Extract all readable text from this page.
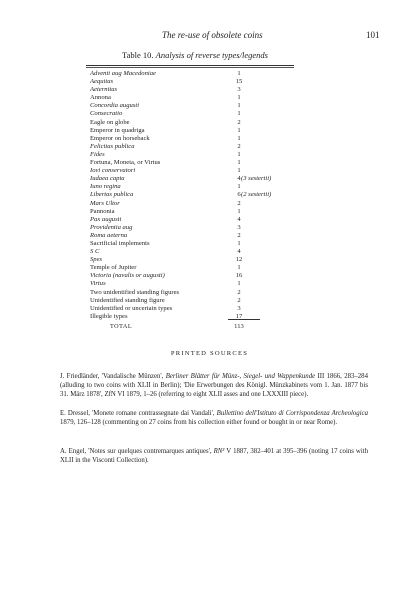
The re-use of obsolete coins	101
Table 10. Analysis of reverse types/legends
Adventi aug Macedoniae	1
Aequitas	15
Aeternitas	3
Annona	1
Concordia augusti	1
Consecratio	1
Eagle on globe	2
Emperor in quadriga	1
Emperor on horseback	1
Felicitas publica	2
Fides	1
Fortuna, Moneta, or Virtus	1
Iovi conservatori	1
Iudaea capta	4 (3 sestertii)
Iuno regina	1
Libertas publica	6 (2 sestertii)
Mars Ultor	2
Pannonia	1
Pax augusti	4
Providentia aug	3
Roma aeterna	2
Sacrificial implements	1
S C	4
Spes	12
Temple of Jupiter	1
Victoria (navalis or augusti)	16
Virtus	1
Two unidentified standing figures	2
Unidentified standing figure	2
Unidentified or uncertain types	3
Illegible types	17
TOTAL	113
PRINTED SOURCES

J. Friedländer, 'Vandalische Münzen', Berliner Blätter für Münz-, Siegel- und Wappenkunde III 1866, 283–284 (alluding to two coins with XLII in Berlin); 'Die Erwerbungen des Königl. Münzkabinets vom 1. Jan. 1877 bis 31. März 1878', ZfN VI 1879, 1–26 (referring to eight XLII asses and one LXXXIII piece).

E. Dressel, 'Monete romane contrassegnate dai Vandali', Bullettino dell'Istituto di Corrispondenza Archeologica 1879, 126–128 (commenting on 27 coins from his collection either found or bought in or near Rome).

A. Engel, 'Notes sur quelques contremarques antiques', RN³ V 1887, 382–401 at 395–396 (noting 17 coins with XLII in the Visconti Collection).
